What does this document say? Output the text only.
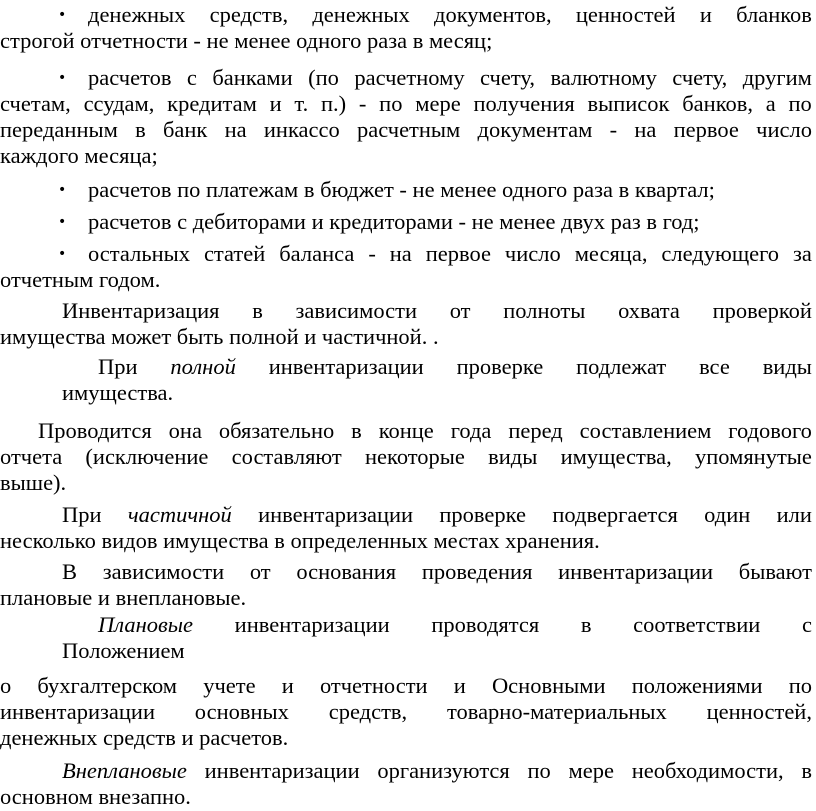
• денежных средств, денежных документов, ценностей и бланков
строгой отчетности - не менее одного раза в месяц;
• расчетов с банками (по расчетному счету, валютному счету, другим
счетам, ссудам, кредитам и т. п.) - по мере получения выписок банков, а по
переданным в банк на инкассо расчетным документам - на первое число
каждого месяца;
• расчетов по платежам в бюджет - не менее одного раза в квартал;
• расчетов с дебиторами и кредиторами - не менее двух раз в год;
• остальных статей баланса - на первое число месяца, следующего за
отчетным годом.
Инвентаризация в зависимости от полноты охвата проверкой
имущества может быть полной и частичной. .
При полной инвентаризации проверке подлежат все виды
имущества.
Проводится она обязательно в конце года перед составлением годового
отчета (исключение составляют некоторые виды имущества, упомянутые
выше).
При частичной инвентаризации проверке подвергается один или
несколько видов имущества в определенных местах хранения.
В зависимости от основания проведения инвентаризации бывают
плановые и внеплановые.
Плановые инвентаризации проводятся в соответствии с
Положением
о бухгалтерском учете и отчетности и Основными положениями по
инвентаризации основных средств, товарно-материальных ценностей,
денежных средств и расчетов.
Внеплановые инвентаризации организуются по мере необходимости, в
основном внезапно.
